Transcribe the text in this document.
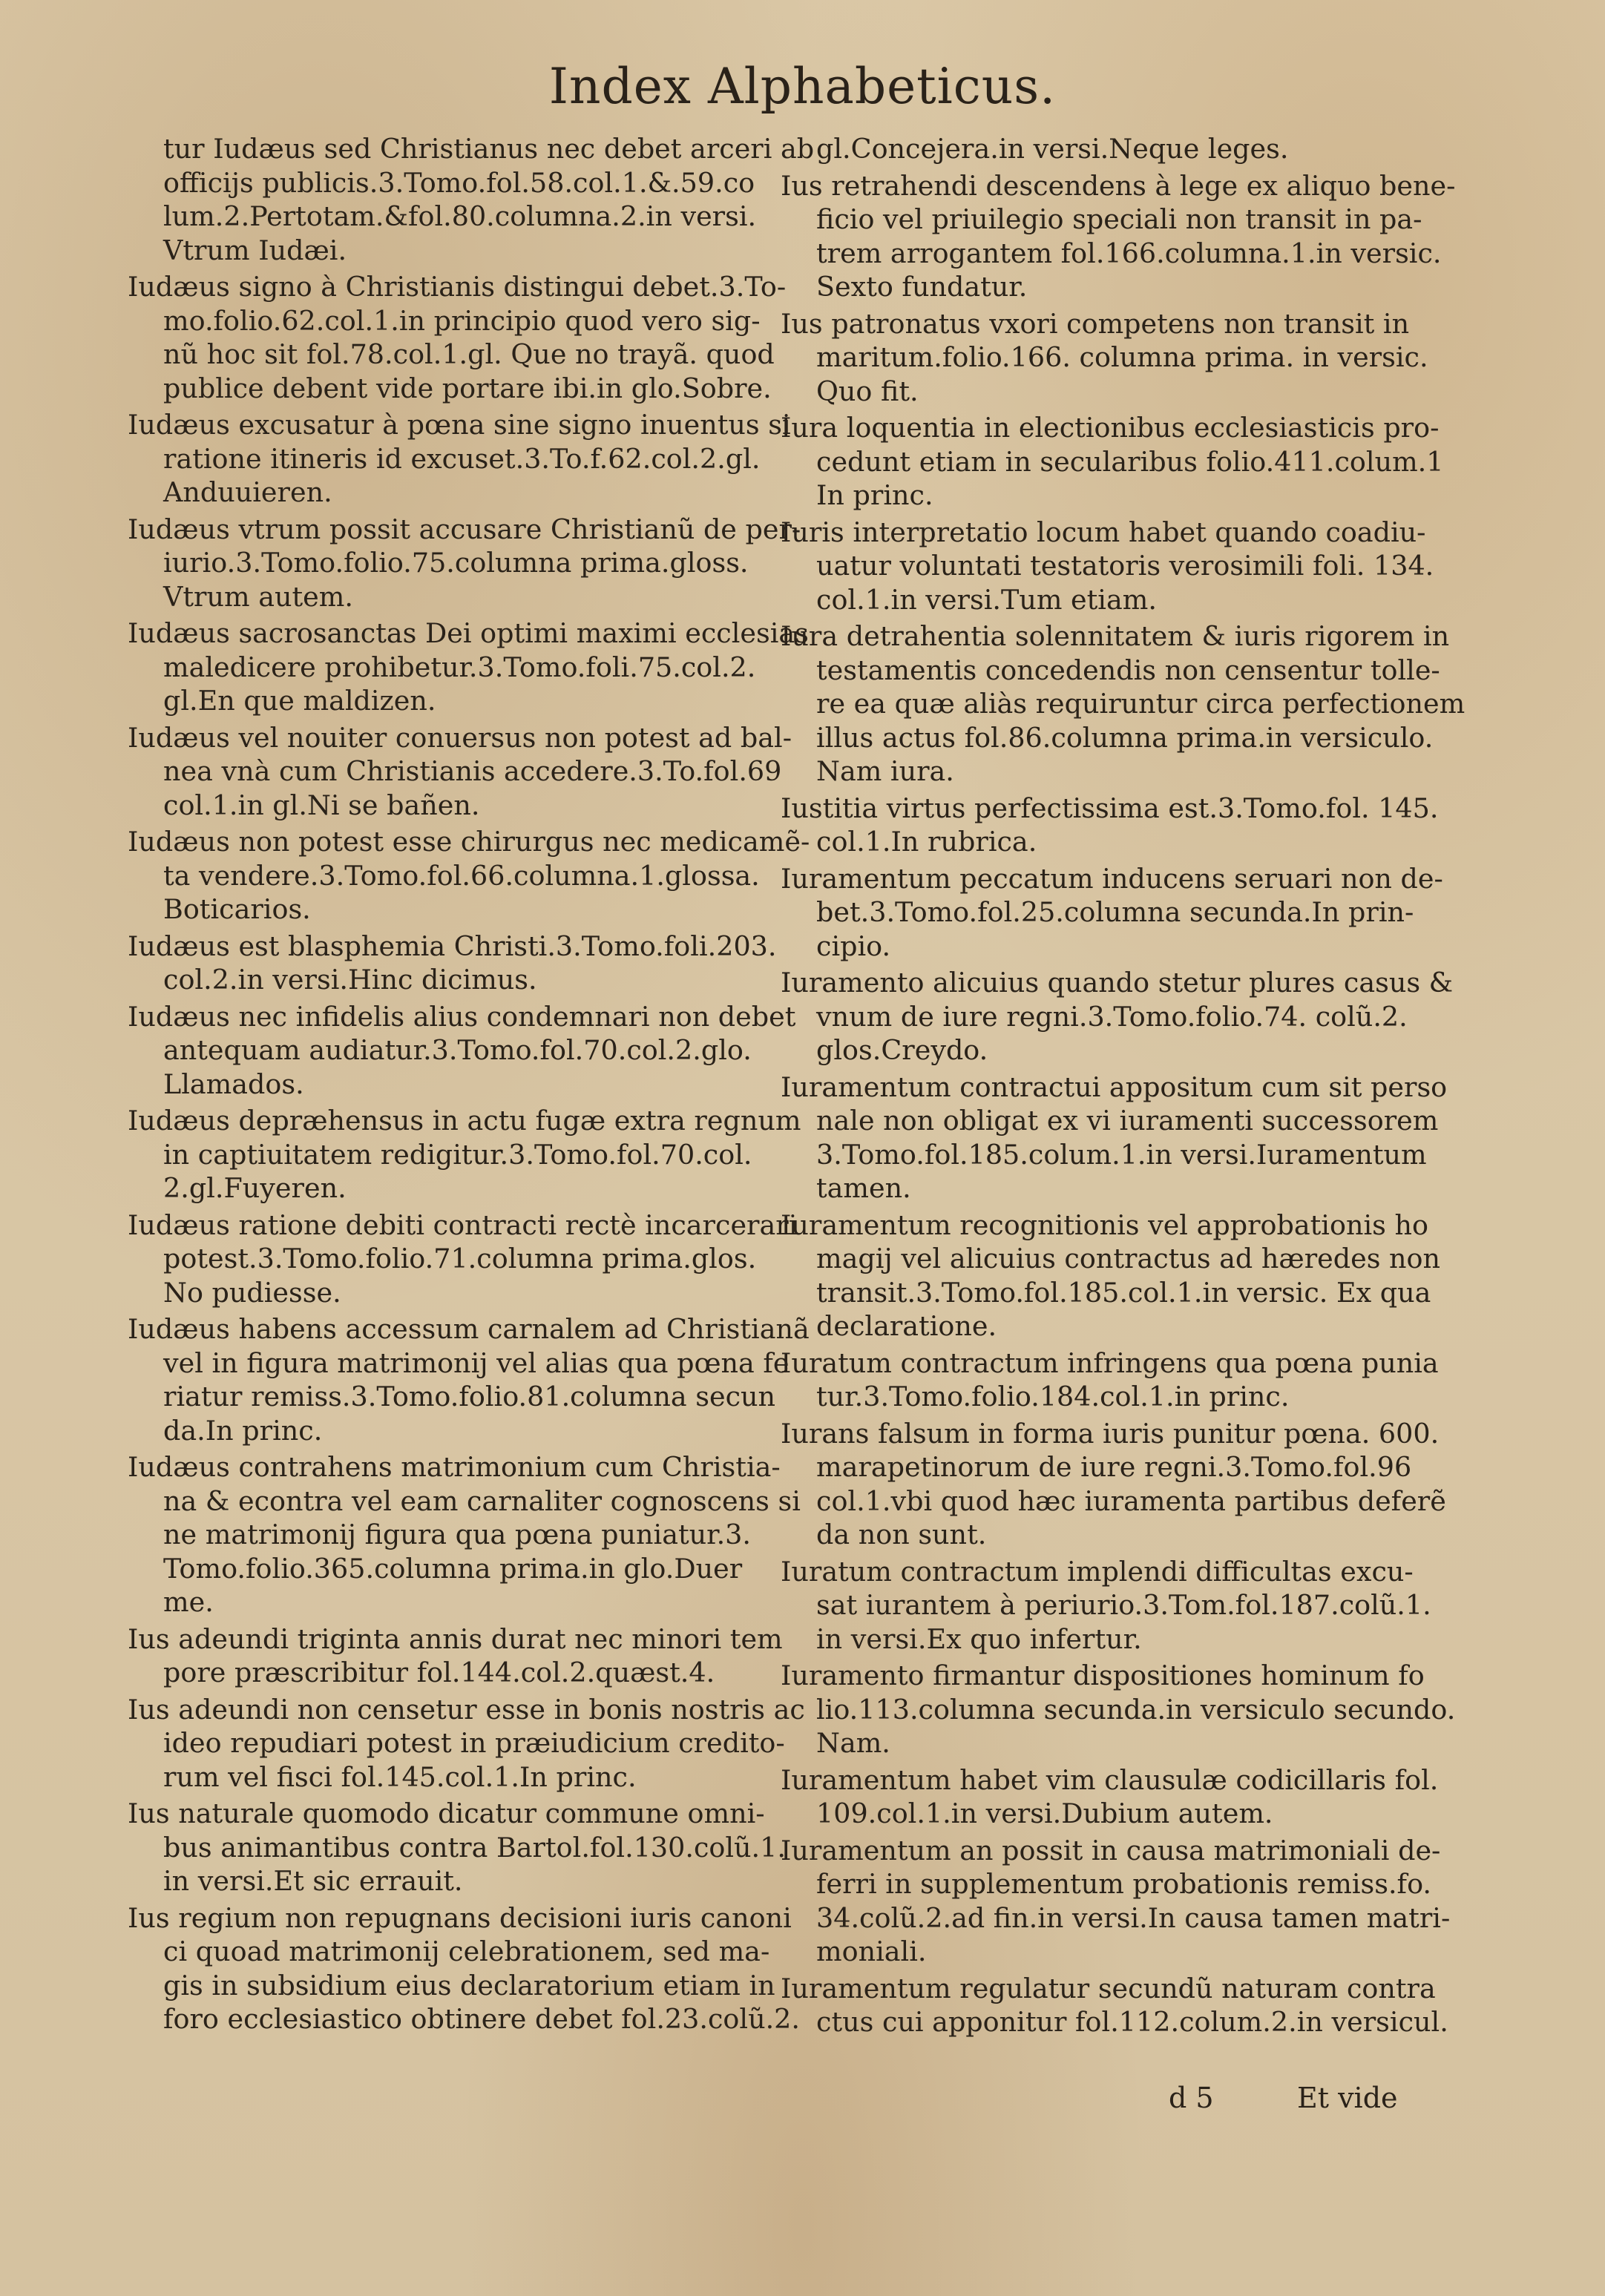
Index Alphabeticus.
tur Iudæus sed Christianus nec debet arceri ab
officijs publicis.3.Tomo.fol.58.col.1.&.59.co
lum.2.Pertotam.&fol.80.columna.2.in versi.
Vtrum Iudæi.
Iudæus signo à Christianis distingui debet.3.To-
mo.folio.62.col.1.in principio quod vero sig-
nũ hoc sit fol.78.col.1.gl. Que no trayã. quod
publice debent vide portare ibi.in glo.Sobre.
Iudæus excusatur à pœna sine signo inuentus si
ratione itineris id excuset.3.To.f.62.col.2.gl.
Anduuieren.
Iudæus vtrum possit accusare Christianũ de per-
iurio.3.Tomo.folio.75.columna prima.gloss.
Vtrum autem.
Iudæus sacrosanctas Dei optimi maximi ecclesias
maledicere prohibetur.3.Tomo.foli.75.col.2.
gl.En que maldizen.
Iudæus vel nouiter conuersus non potest ad bal-
nea vnà cum Christianis accedere.3.To.fol.69
col.1.in gl.Ni se bañen.
Iudæus non potest esse chirurgus nec medicamẽ-
ta vendere.3.Tomo.fol.66.columna.1.glossa.
Boticarios.
Iudæus est blasphemia Christi.3.Tomo.foli.203.
col.2.in versi.Hinc dicimus.
Iudæus nec infidelis alius condemnari non debet
antequam audiatur.3.Tomo.fol.70.col.2.glo.
Llamados.
Iudæus depræhensus in actu fugæ extra regnum
in captiuitatem redigitur.3.Tomo.fol.70.col.
2.gl.Fuyeren.
Iudæus ratione debiti contracti rectè incarcerari
potest.3.Tomo.folio.71.columna prima.glos.
No pudiesse.
Iudæus habens accessum carnalem ad Christianã
vel in figura matrimonij vel alias qua pœna fe
riatur remiss.3.Tomo.folio.81.columna secun
da.In princ.
Iudæus contrahens matrimonium cum Christia-
na & econtra vel eam carnaliter cognoscens si
ne matrimonij figura qua pœna puniatur.3.
Tomo.folio.365.columna prima.in glo.Duer
me.
Ius adeundi triginta annis durat nec minori tem
pore præscribitur fol.144.col.2.quæst.4.
Ius adeundi non censetur esse in bonis nostris ac
ideo repudiari potest in præiudicium credito-
rum vel fisci fol.145.col.1.In princ.
Ius naturale quomodo dicatur commune omni-
bus animantibus contra Bartol.fol.130.colũ.1.
in versi.Et sic errauit.
Ius regium non repugnans decisioni iuris canoni
ci quoad matrimonij celebrationem, sed ma-
gis in subsidium eius declaratorium etiam in
foro ecclesiastico obtinere debet fol.23.colũ.2.
gl.Concejera.in versi.Neque leges.
Ius retrahendi descendens à lege ex aliquo bene-
ficio vel priuilegio speciali non transit in pa-
trem arrogantem fol.166.columna.1.in versic.
Sexto fundatur.
Ius patronatus vxori competens non transit in
maritum.folio.166. columna prima. in versic.
Quo fit.
Iura loquentia in electionibus ecclesiasticis pro-
cedunt etiam in secularibus folio.411.colum.1
In princ.
Iuris interpretatio locum habet quando coadiu-
uatur voluntati testatoris verosimili foli. 134.
col.1.in versi.Tum etiam.
Iura detrahentia solennitatem & iuris rigorem in
testamentis concedendis non censentur tolle-
re ea quæ aliàs requiruntur circa perfectionem
illus actus fol.86.columna prima.in versiculo.
Nam iura.
Iustitia virtus perfectissima est.3.Tomo.fol. 145.
col.1.In rubrica.
Iuramentum peccatum inducens seruari non de-
bet.3.Tomo.fol.25.columna secunda.In prin-
cipio.
Iuramento alicuius quando stetur plures casus &
vnum de iure regni.3.Tomo.folio.74. colũ.2.
glos.Creydo.
Iuramentum contractui appositum cum sit perso
nale non obligat ex vi iuramenti successorem
3.Tomo.fol.185.colum.1.in versi.Iuramentum
tamen.
Iuramentum recognitionis vel approbationis ho
magij vel alicuius contractus ad hæredes non
transit.3.Tomo.fol.185.col.1.in versic. Ex qua
declaratione.
Iuratum contractum infringens qua pœna punia
tur.3.Tomo.folio.184.col.1.in princ.
Iurans falsum in forma iuris punitur pœna. 600.
marapetinorum de iure regni.3.Tomo.fol.96
col.1.vbi quod hæc iuramenta partibus deferẽ
da non sunt.
Iuratum contractum implendi difficultas excu-
sat iurantem à periurio.3.Tom.fol.187.colũ.1.
in versi.Ex quo infertur.
Iuramento firmantur dispositiones hominum fo
lio.113.columna secunda.in versiculo secundo.
Nam.
Iuramentum habet vim clausulæ codicillaris fol.
109.col.1.in versi.Dubium autem.
Iuramentum an possit in causa matrimoniali de-
ferri in supplementum probationis remiss.fo.
34.colũ.2.ad fin.in versi.In causa tamen matri-
moniali.
Iuramentum regulatur secundũ naturam contra
ctus cui apponitur fol.112.colum.2.in versicul.
d 5	Et vide
